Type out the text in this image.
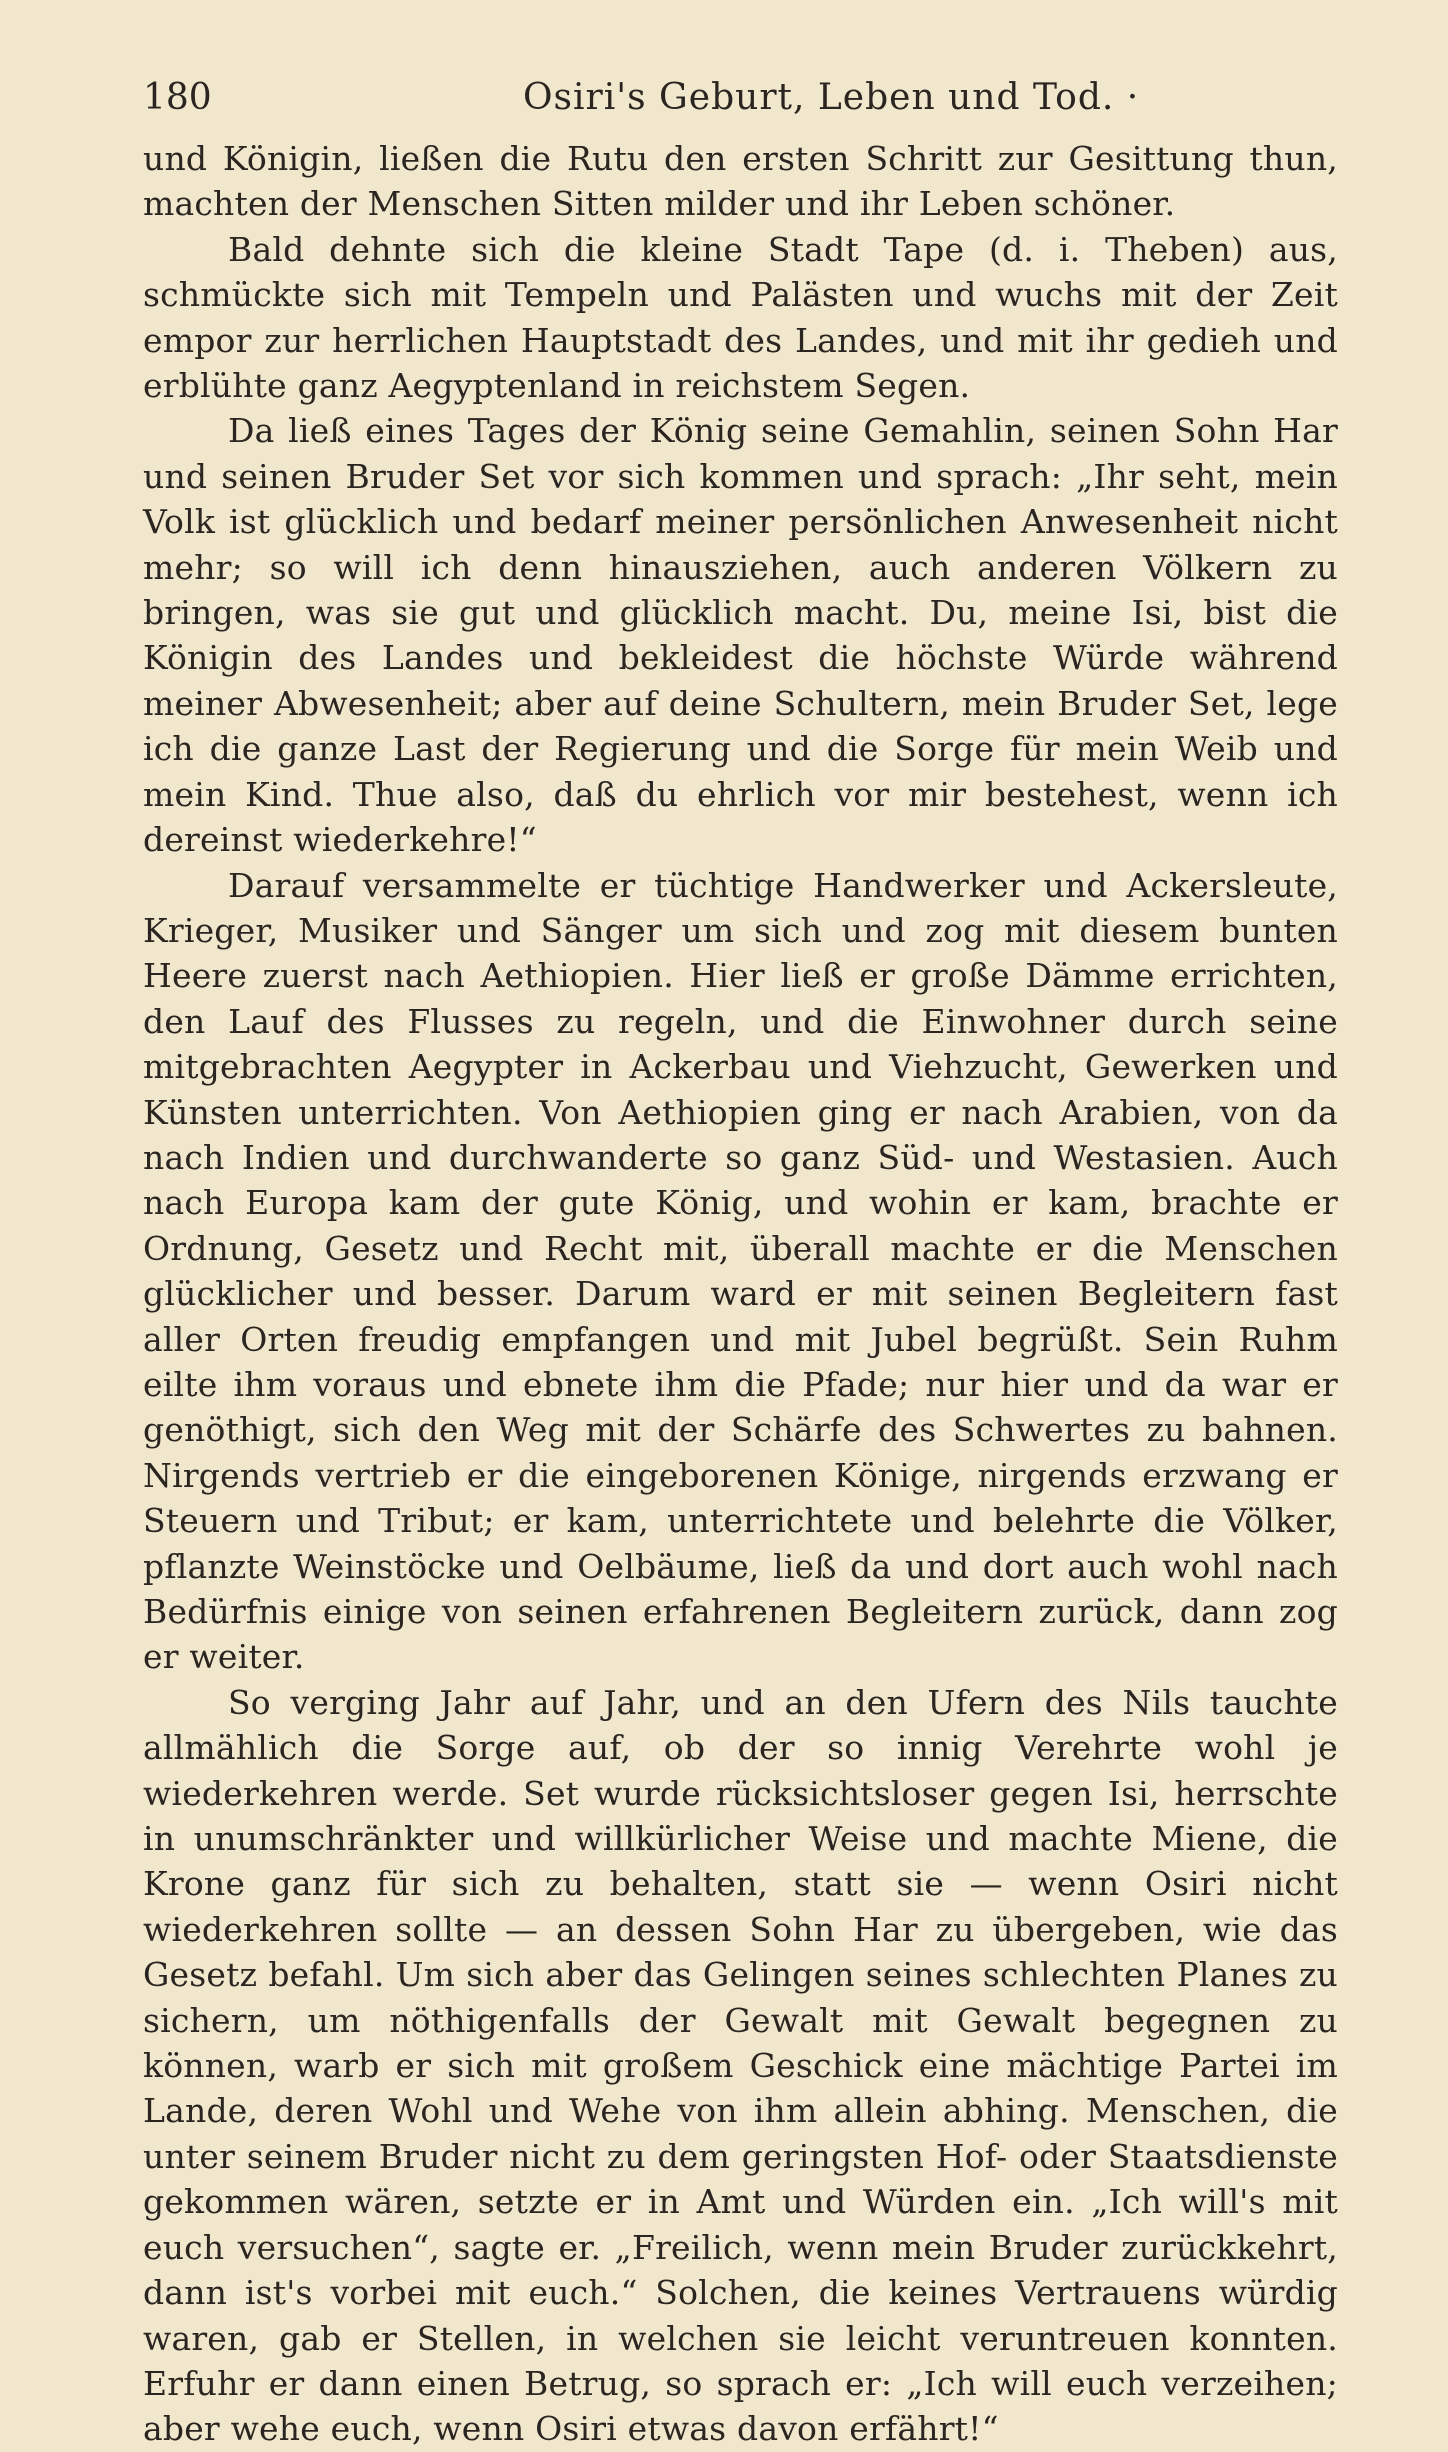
180	Osiri's Geburt, Leben und Tod. ·

und Königin, ließen die Rutu den ersten Schritt zur Gesittung thun, machten der Menschen Sitten milder und ihr Leben schöner.

Bald dehnte sich die kleine Stadt Tape (d. i. Theben) aus, schmückte sich mit Tempeln und Palästen und wuchs mit der Zeit empor zur herrlichen Hauptstadt des Landes, und mit ihr gedieh und erblühte ganz Aegyptenland in reichstem Segen.

Da ließ eines Tages der König seine Gemahlin, seinen Sohn Har und seinen Bruder Set vor sich kommen und sprach: „Ihr seht, mein Volk ist glücklich und bedarf meiner persönlichen Anwesenheit nicht mehr; so will ich denn hinausziehen, auch anderen Völkern zu bringen, was sie gut und glücklich macht. Du, meine Isi, bist die Königin des Landes und bekleidest die höchste Würde während meiner Abwesenheit; aber auf deine Schultern, mein Bruder Set, lege ich die ganze Last der Regierung und die Sorge für mein Weib und mein Kind. Thue also, daß du ehrlich vor mir bestehest, wenn ich dereinst wiederkehre!“

Darauf versammelte er tüchtige Handwerker und Ackersleute, Krieger, Musiker und Sänger um sich und zog mit diesem bunten Heere zuerst nach Aethiopien. Hier ließ er große Dämme errichten, den Lauf des Flusses zu regeln, und die Einwohner durch seine mitgebrachten Aegypter in Ackerbau und Viehzucht, Gewerken und Künsten unterrichten. Von Aethiopien ging er nach Arabien, von da nach Indien und durchwanderte so ganz Süd- und Westasien. Auch nach Europa kam der gute König, und wohin er kam, brachte er Ordnung, Gesetz und Recht mit, überall machte er die Menschen glücklicher und besser. Darum ward er mit seinen Begleitern fast aller Orten freudig empfangen und mit Jubel begrüßt. Sein Ruhm eilte ihm voraus und ebnete ihm die Pfade; nur hier und da war er genöthigt, sich den Weg mit der Schärfe des Schwertes zu bahnen. Nirgends vertrieb er die eingeborenen Könige, nirgends erzwang er Steuern und Tribut; er kam, unterrichtete und belehrte die Völker, pflanzte Weinstöcke und Oelbäume, ließ da und dort auch wohl nach Bedürfnis einige von seinen erfahrenen Begleitern zurück, dann zog er weiter.

So verging Jahr auf Jahr, und an den Ufern des Nils tauchte allmählich die Sorge auf, ob der so innig Verehrte wohl je wiederkehren werde. Set wurde rücksichtsloser gegen Isi, herrschte in unumschränkter und willkürlicher Weise und machte Miene, die Krone ganz für sich zu behalten, statt sie — wenn Osiri nicht wiederkehren sollte — an dessen Sohn Har zu übergeben, wie das Gesetz befahl. Um sich aber das Gelingen seines schlechten Planes zu sichern, um nöthigenfalls der Gewalt mit Gewalt begegnen zu können, warb er sich mit großem Geschick eine mächtige Partei im Lande, deren Wohl und Wehe von ihm allein abhing. Menschen, die unter seinem Bruder nicht zu dem geringsten Hof- oder Staatsdienste gekommen wären, setzte er in Amt und Würden ein. „Ich will's mit euch versuchen“, sagte er. „Freilich, wenn mein Bruder zurückkehrt, dann ist's vorbei mit euch.“ Solchen, die keines Vertrauens würdig waren, gab er Stellen, in welchen sie leicht veruntreuen konnten. Erfuhr er dann einen Betrug, so sprach er: „Ich will euch verzeihen; aber wehe euch, wenn Osiri etwas davon erfährt!“
